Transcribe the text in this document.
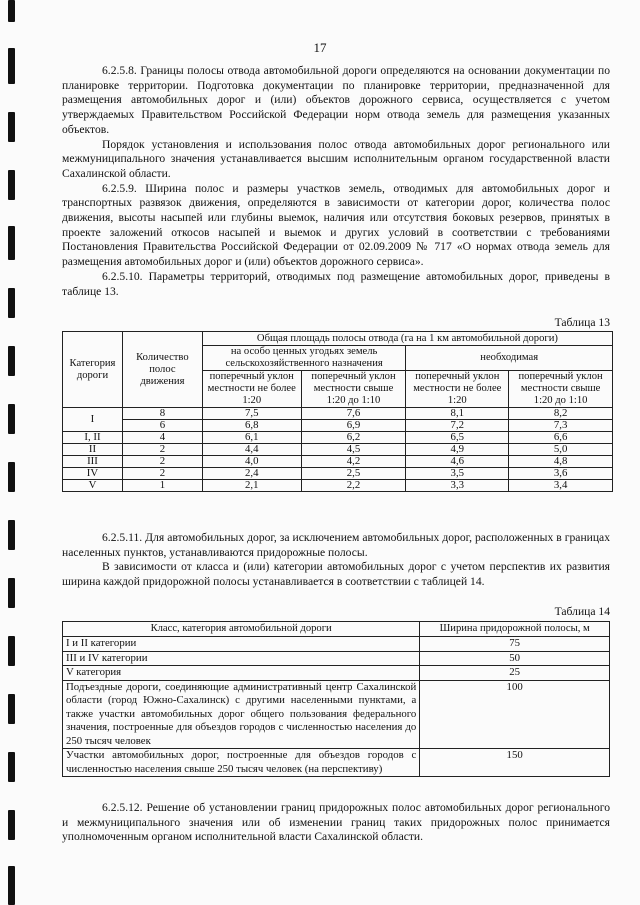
17

6.2.5.8. Границы полосы отвода автомобильной дороги определяются на основании документации по планировке территории. Подготовка документации по планировке территории, предназначенной для размещения автомобильных дорог и (или) объектов дорожного сервиса, осуществляется с учетом утверждаемых Правительством Российской Федерации норм отвода земель для размещения указанных объектов.

Порядок установления и использования полос отвода автомобильных дорог регионального или межмуниципального значения устанавливается высшим исполнительным органом государственной власти Сахалинской области.

6.2.5.9. Ширина полос и размеры участков земель, отводимых для автомобильных дорог и транспортных развязок движения, определяются в зависимости от категории дорог, количества полос движения, высоты насыпей или глубины выемок, наличия или отсутствия боковых резервов, принятых в проекте заложений откосов насыпей и выемок и других условий в соответствии с требованиями Постановления Правительства Российской Федерации от 02.09.2009 № 717 «О нормах отвода земель для размещения автомобильных дорог и (или) объектов дорожного сервиса».

6.2.5.10. Параметры территорий, отводимых под размещение автомобильных дорог, приведены в таблице 13.

Таблица 13
Категория дороги	Количество полос движения	Общая площадь полосы отвода (га на 1 км автомобильной дороги)			
		на особо ценных угодьях земель сельскохозяйственного назначения		необходимая	
		поперечный уклон местности не более 1:20	поперечный уклон местности свыше 1:20 до 1:10	поперечный уклон местности не более 1:20	поперечный уклон местности свыше 1:20 до 1:10
I	8	7,5	7,6	8,1	8,2
	6	6,8	6,9	7,2	7,3
I, II	4	6,1	6,2	6,5	6,6
II	2	4,4	4,5	4,9	5,0
III	2	4,0	4,2	4,6	4,8
IV	2	2,4	2,5	3,5	3,6
V	1	2,1	2,2	3,3	3,4

6.2.5.11. Для автомобильных дорог, за исключением автомобильных дорог, расположенных в границах населенных пунктов, устанавливаются придорожные полосы.

В зависимости от класса и (или) категории автомобильных дорог с учетом перспектив их развития ширина каждой придорожной полосы устанавливается в соответствии с таблицей 14.

Таблица 14
Класс, категория автомобильной дороги	Ширина придорожной полосы, м
I и II категории	75
III и IV категории	50
V категория	25
Подъездные дороги, соединяющие административный центр Сахалинской области (город Южно-Сахалинск) с другими населенными пунктами, а также участки автомобильных дорог общего пользования федерального значения, построенные для объездов городов с численностью населения до 250 тысяч человек	100
Участки автомобильных дорог, построенные для объездов городов с численностью населения свыше 250 тысяч человек (на перспективу)	150

6.2.5.12. Решение об установлении границ придорожных полос автомобильных дорог регионального и межмуниципального значения или об изменении границ таких придорожных полос принимается уполномоченным органом исполнительной власти Сахалинской области.
